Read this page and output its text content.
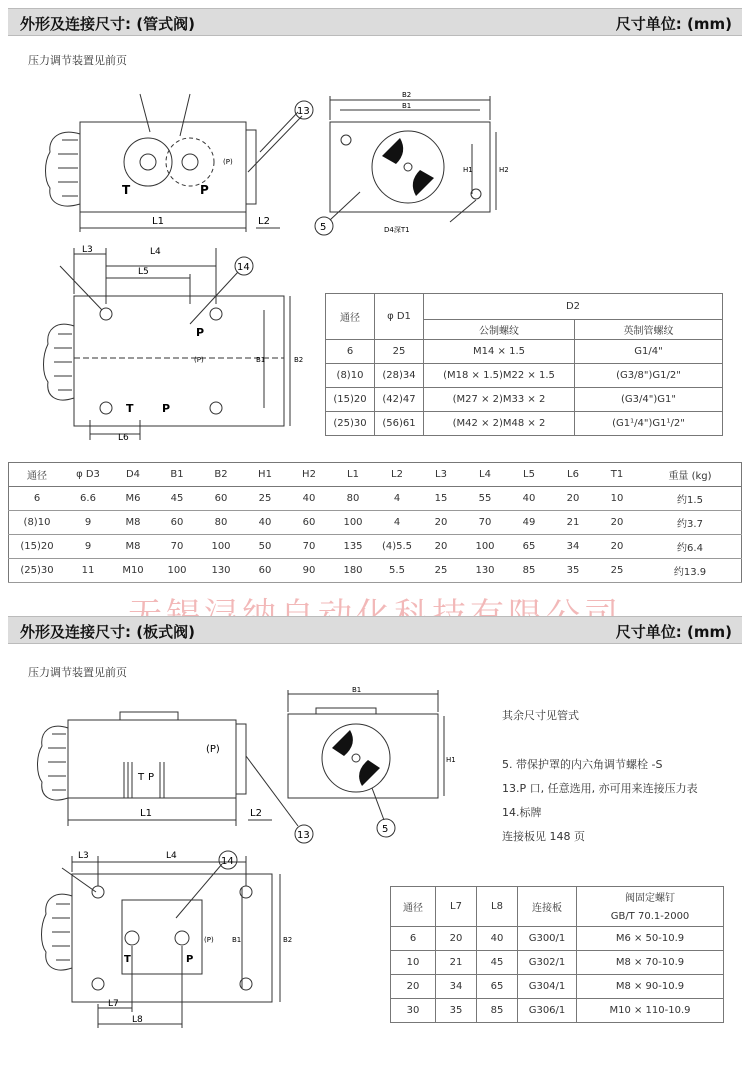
外形及连接尺寸: (管式阀)	尺寸单位: (mm)
压力调节装置见前页
T	P
L1	L2
(P)
13
B2
B1
H1	H2
D4深T1
5
L3	L4
L5
L6
P
T	P
(P)	B1	B2
14
通径	φ D1	D2	
		公制螺纹	英制管螺纹
6	25	M14 × 1.5	G1/4"
(8)10	(28)34	(M18 × 1.5)M22 × 1.5	(G3/8")G1/2"
(15)20	(42)47	(M27 × 2)M33 × 2	(G3/4")G1"
(25)30	(56)61	(M42 × 2)M48 × 2	(G1¹/4")G1¹/2"
通径	φ D3	D4	B1	B2	H1	H2	L1	L2	L3	L4	L5	L6	T1	重量 (kg)
6	6.6	M6	45	60	25	40	80	4	15	55	40	20	10	约1.5
(8)10	9	M8	60	80	40	60	100	4	20	70	49	21	20	约3.7
(15)20	9	M8	70	100	50	70	135	(4)5.5	20	100	65	34	20	约6.4
(25)30	11	M10	100	130	60	90	180	5.5	25	130	85	35	25	约13.9
外形及连接尺寸: (板式阀)	尺寸单位: (mm)
压力调节装置见前页
T P
(P)
L1	L2
13
B1
H1
5
其余尺寸见管式
5. 带保护罩的内六角调节螺栓 -S
13.P 口, 任意选用, 亦可用来连接压力表
14.标牌
连接板见 148 页
L3	L4
T	P
(P)	B1	B2
L7
L8
14
通径	L7	L8	连接板	阀固定螺钉
				GB/T 70.1-2000
6	20	40	G300/1	M6 × 50-10.9
10	21	45	G302/1	M8 × 70-10.9
20	34	65	G304/1	M8 × 90-10.9
30	35	85	G306/1	M10 × 110-10.9
